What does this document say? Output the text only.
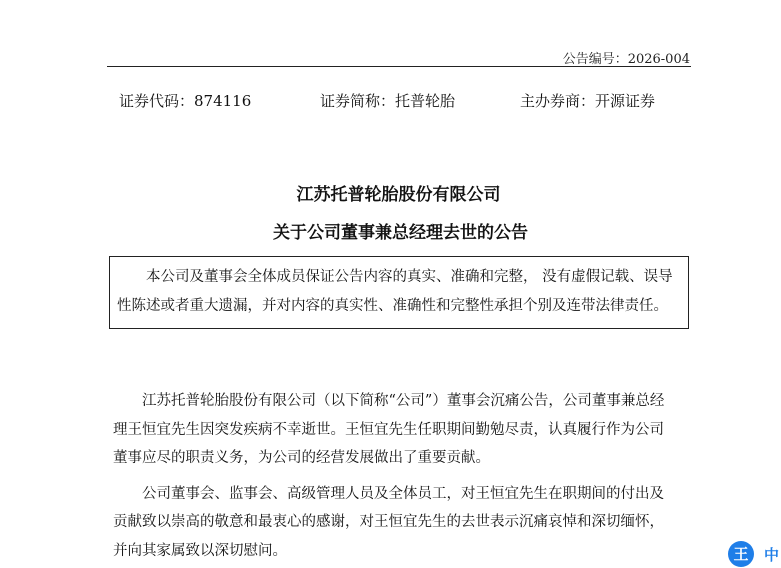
公告编号：2026-004
证券代码：874116	证券简称：托普轮胎	主办券商：开源证券
江苏托普轮胎股份有限公司
关于公司董事兼总经理去世的公告

本公司及董事会全体成员保证公告内容的真实、准确和完整， 没有虚假记载、误导性陈述或者重大遗漏，并对内容的真实性、准确性和完整性承担个别及连带法律责任。

江苏托普轮胎股份有限公司（以下简称“公司”）董事会沉痛公告，公司董事兼总经理王恒宜先生因突发疾病不幸逝世。王恒宜先生任职期间勤勉尽责，认真履行作为公司董事应尽的职责义务，为公司的经营发展做出了重要贡献。

公司董事会、监事会、高级管理人员及全体员工，对王恒宜先生在职期间的付出及贡献致以崇高的敬意和最衷心的感谢，对王恒宜先生的去世表示沉痛哀悼和深切缅怀，并向其家属致以深切慰问。	王	中
